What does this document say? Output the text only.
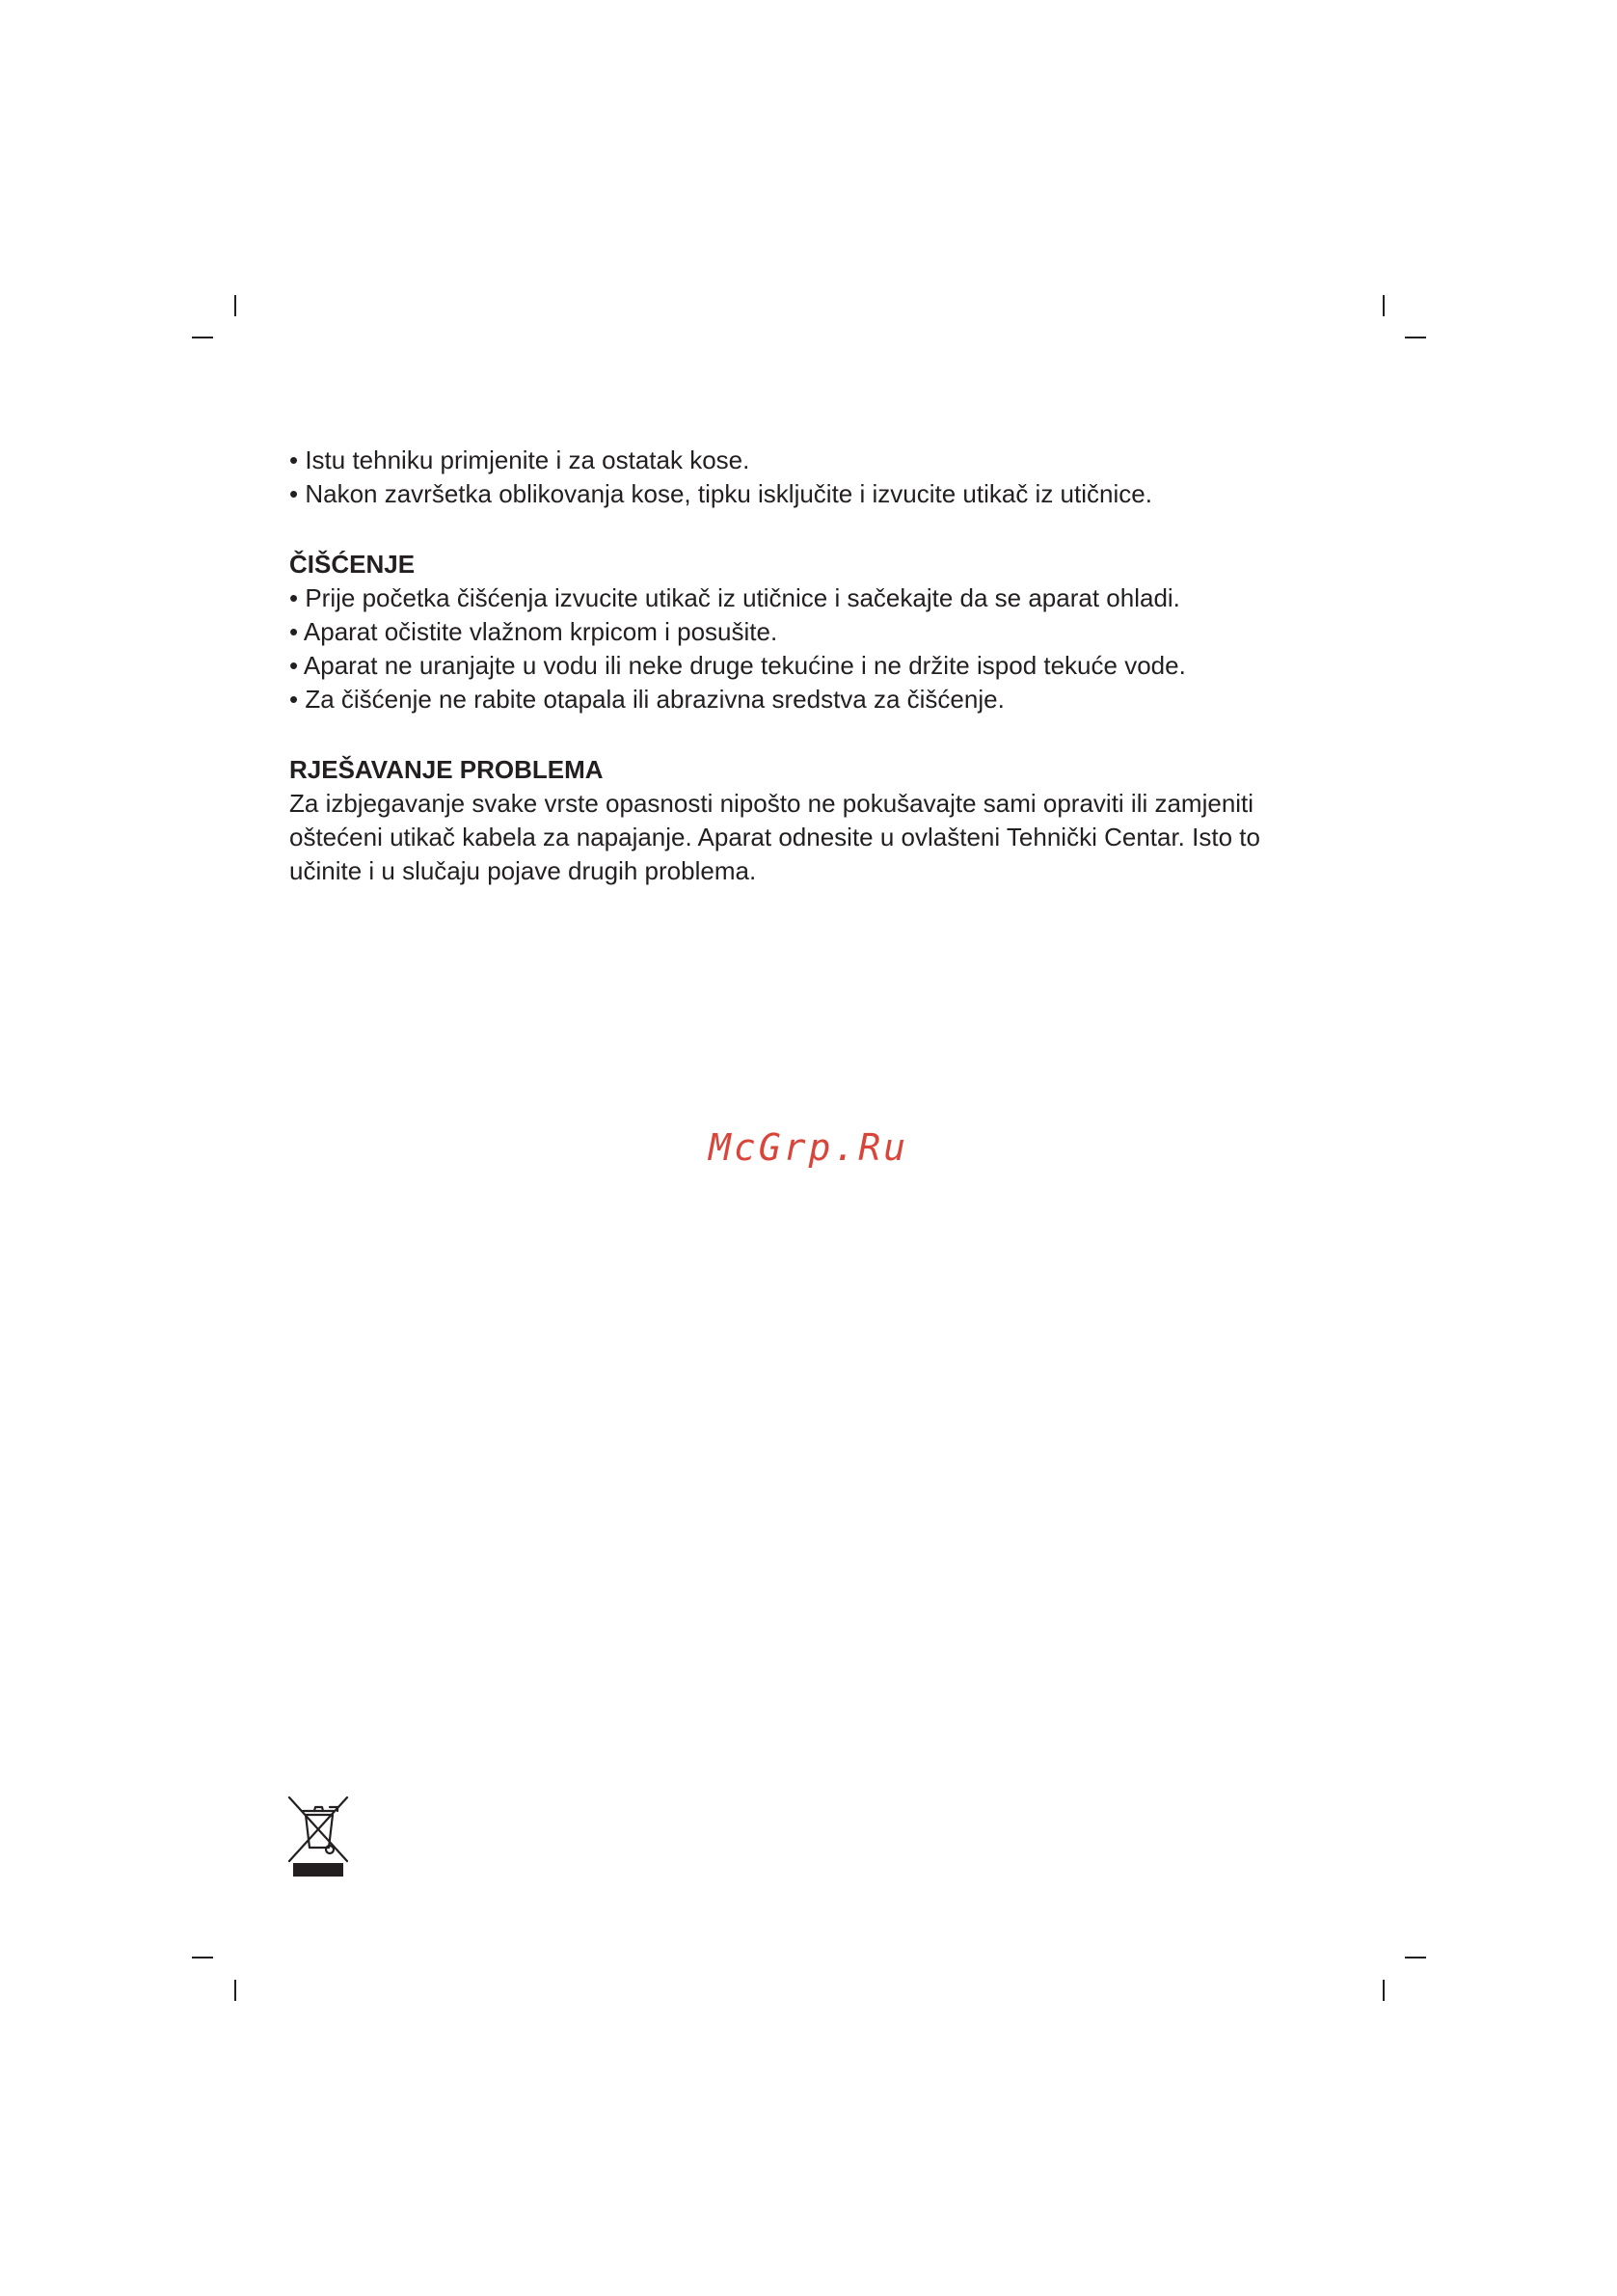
• Istu tehniku primjenite i za ostatak kose.

• Nakon završetka oblikovanja kose, tipku isključite i izvucite utikač iz utičnice.

ČIŠĆENJE

• Prije početka čišćenja izvucite utikač iz utičnice i sačekajte da se aparat ohladi.

• Aparat očistite vlažnom krpicom i posušite.

• Aparat ne uranjajte u vodu ili neke druge tekućine i ne držite ispod tekuće vode.

• Za čišćenje ne rabite otapala ili abrazivna sredstva za čišćenje.

RJEŠAVANJE PROBLEMA

Za izbjegavanje svake vrste opasnosti nipošto ne pokušavajte sami opraviti ili zamjeniti

oštećeni utikač kabela za napajanje. Aparat odnesite u ovlašteni Tehnički Centar. Isto to

učinite i u slučaju pojave drugih problema.

McGrp.Ru
